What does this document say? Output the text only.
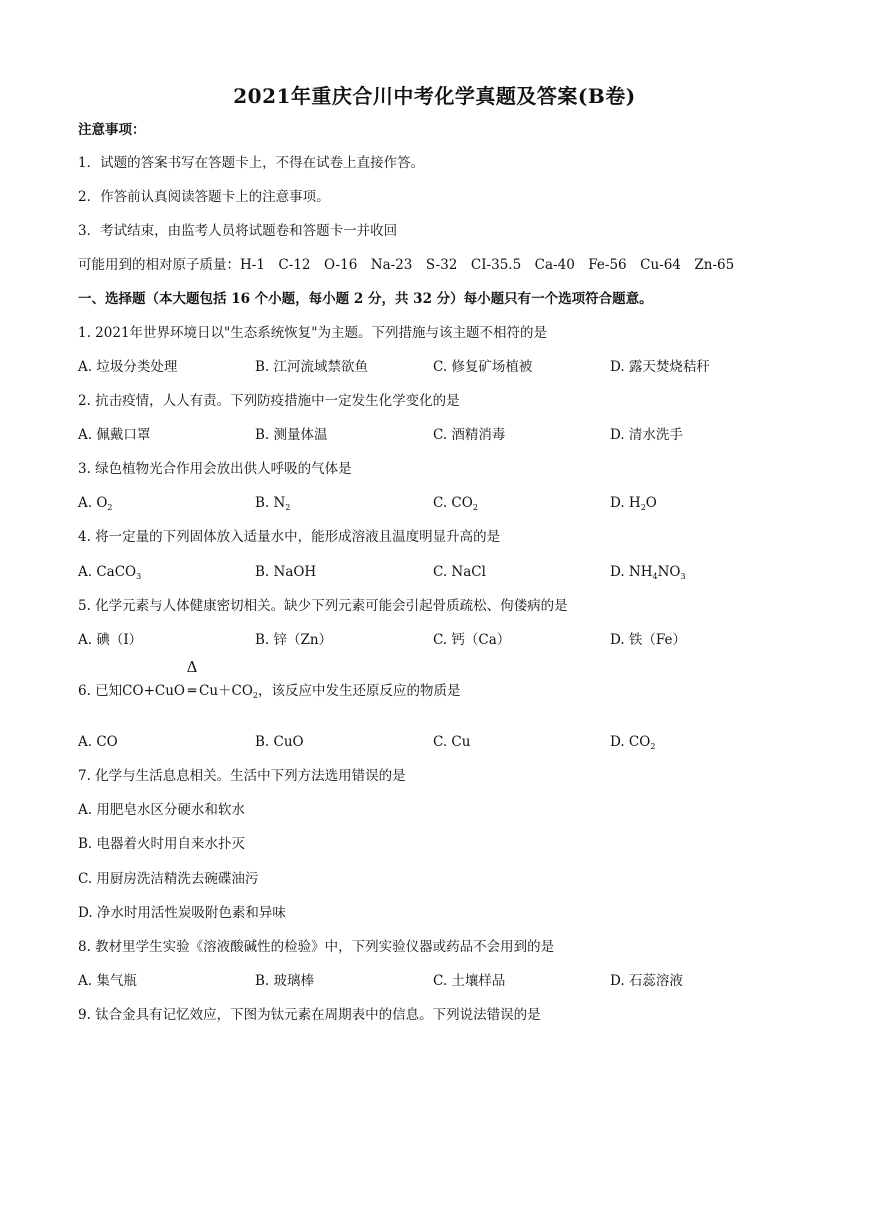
2021年重庆合川中考化学真题及答案(B卷)
注意事项：
1．试题的答案书写在答题卡上，不得在试卷上直接作答。
2．作答前认真阅读答题卡上的注意事项。
3．考试结束，由监考人员将试题卷和答题卡一并收回
可能用到的相对原子质量：H-1　C-12　O-16　Na-23　S-32　CI-35.5　Ca-40　Fe-56　Cu-64　Zn-65
一、选择题（本大题包括 16 个小题，每小题 2 分，共 32 分）每小题只有一个选项符合题意。
1. 2021年世界环境日以"生态系统恢复"为主题。下列措施与该主题不相符的是
A. 垃圾分类处理	B. 江河流域禁欲鱼	C. 修复矿场植被	D. 露天焚烧秸秆
2. 抗击疫情，人人有责。下列防疫措施中一定发生化学变化的是
A. 佩戴口罩	B. 测量体温	C. 酒精消毒	D. 清水洗手
3. 绿色植物光合作用会放出供人呼吸的气体是
A. $O_2$	B. $N_2$	C. $CO_2$	D. $H_2O$
4. 将一定量的下列固体放入适量水中，能形成溶液且温度明显升高的是
A. CaCO$_3$	B. NaOH	C. NaCl	D. $NH_4NO_3$
5. 化学元素与人体健康密切相关。缺少下列元素可能会引起骨质疏松、佝偻病的是
A. 碘（I）	B. 锌（Zn）	C. 钙（Ca）	D. 铁（Fe）
6. 已知CO+CuO
Δ
═ $Cu+CO_2$，该反应中发生还原反应的物质是
A. CO	B. CuO	C. Cu	D. $CO_2$
7. 化学与生活息息相关。生活中下列方法选用错误的是
A. 用肥皂水区分硬水和软水
B. 电器着火时用自来水扑灭
C. 用厨房洗洁精洗去碗碟油污
D. 净水时用活性炭吸附色素和异味
8. 教材里学生实验《溶液酸碱性的检验》中，下列实验仪器或药品不会用到的是
A. 集气瓶	B. 玻璃棒	C. 土壤样品	D. 石蕊溶液
9. 钛合金具有记忆效应，下图为钛元素在周期表中的信息。下列说法错误的是
